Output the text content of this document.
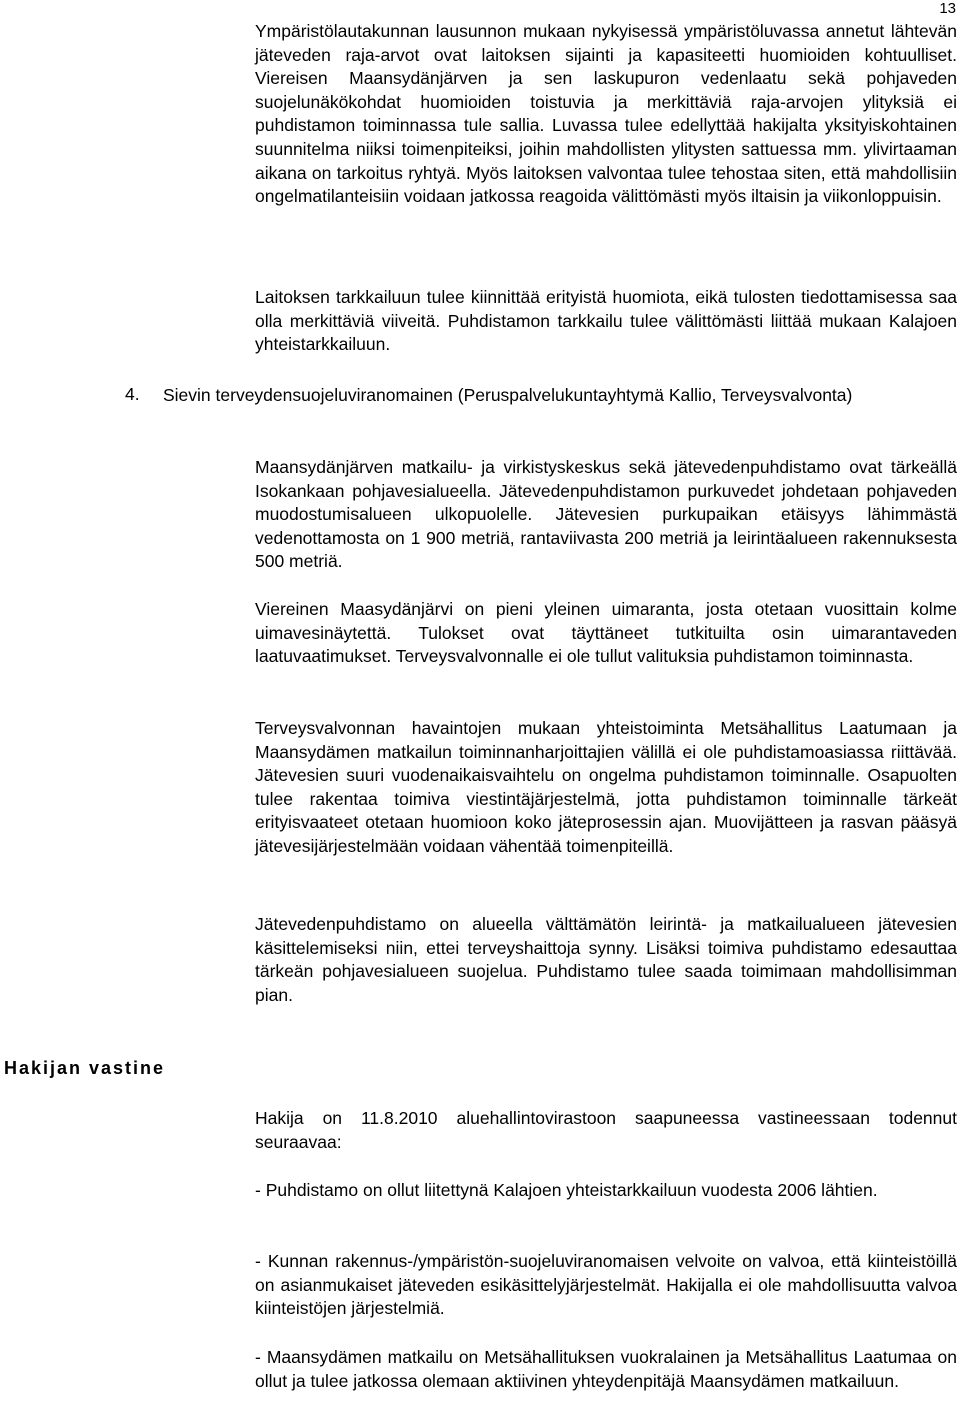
13
Ympäristölautakunnan lausunnon mukaan nykyisessä ympäristöluvassa annetut lähtevän jäteveden raja-arvot ovat laitoksen sijainti ja kapasiteetti huomioiden kohtuulliset. Viereisen Maansydänjärven ja sen laskupuron vedenlaatu sekä pohjaveden suojelunäkökohdat huomioiden toistuvia ja merkittäviä raja-arvojen ylityksiä ei puhdistamon toiminnassa tule sallia. Luvassa tulee edellyttää hakijalta yksityiskohtainen suunnitelma niiksi toimenpiteiksi, joihin mahdollisten ylitysten sattuessa mm. ylivirtaaman aikana on tarkoitus ryhtyä. Myös laitoksen valvontaa tulee tehostaa siten, että mahdollisiin ongelmatilanteisiin voidaan jatkossa reagoida välittömästi myös iltaisin ja viikonloppuisin.
Laitoksen tarkkailuun tulee kiinnittää erityistä huomiota, eikä tulosten tiedottamisessa saa olla merkittäviä viiveitä. Puhdistamon tarkkailu tulee välittömästi liittää mukaan Kalajoen yhteistarkkailuun.
4. Sievin terveydensuojeluviranomainen (Peruspalvelukuntayhtymä Kallio, Terveysvalvonta)
Maansydänjärven matkailu- ja virkistyskeskus sekä jätevedenpuhdistamo ovat tärkeällä Isokankaan pohjavesialueella. Jätevedenpuhdistamon purkuvedet johdetaan pohjaveden muodostumisalueen ulkopuolelle. Jätevesien purkupaikan etäisyys lähimmästä vedenottamosta on 1 900 metriä, rantaviivasta 200 metriä ja leirintäalueen rakennuksesta 500 metriä.
Viereinen Maasydänjärvi on pieni yleinen uimaranta, josta otetaan vuosittain kolme uimavesinäytettä. Tulokset ovat täyttäneet tutkituilta osin uimarantaveden laatuvaatimukset. Terveysvalvonnalle ei ole tullut valituksia puhdistamon toiminnasta.
Terveysvalvonnan havaintojen mukaan yhteistoiminta Metsähallitus Laatumaan ja Maansydämen matkailun toiminnanharjoittajien välillä ei ole puhdistamoasiassa riittävää. Jätevesien suuri vuodenaikaisvaihtelu on ongelma puhdistamon toiminnalle. Osapuolten tulee rakentaa toimiva viestintäjärjestelmä, jotta puhdistamon toiminnalle tärkeät erityisvaateet otetaan huomioon koko jäteprosessin ajan. Muovijätteen ja rasvan pääsyä jätevesijärjestelmään voidaan vähentää toimenpiteillä.
Jätevedenpuhdistamo on alueella välttämätön leirintä- ja matkailualueen jätevesien käsittelemiseksi niin, ettei terveyshaittoja synny. Lisäksi toimiva puhdistamo edesauttaa tärkeän pohjavesialueen suojelua. Puhdistamo tulee saada toimimaan mahdollisimman pian.
Hakijan vastine
Hakija on 11.8.2010 aluehallintovirastoon saapuneessa vastineessaan todennut seuraavaa:
- Puhdistamo on ollut liitettynä Kalajoen yhteistarkkailuun vuodesta 2006 lähtien.
- Kunnan rakennus-/ympäristön-suojeluviranomaisen velvoite on valvoa, että kiinteistöillä on asianmukaiset jäteveden esikäsittelyjärjestelmät. Hakijalla ei ole mahdollisuutta valvoa kiinteistöjen järjestelmiä.
- Maansydämen matkailu on Metsähallituksen vuokralainen ja Metsähallitus Laatumaa on ollut ja tulee jatkossa olemaan aktiivinen yhteydenpitäjä Maansydämen matkailuun.
